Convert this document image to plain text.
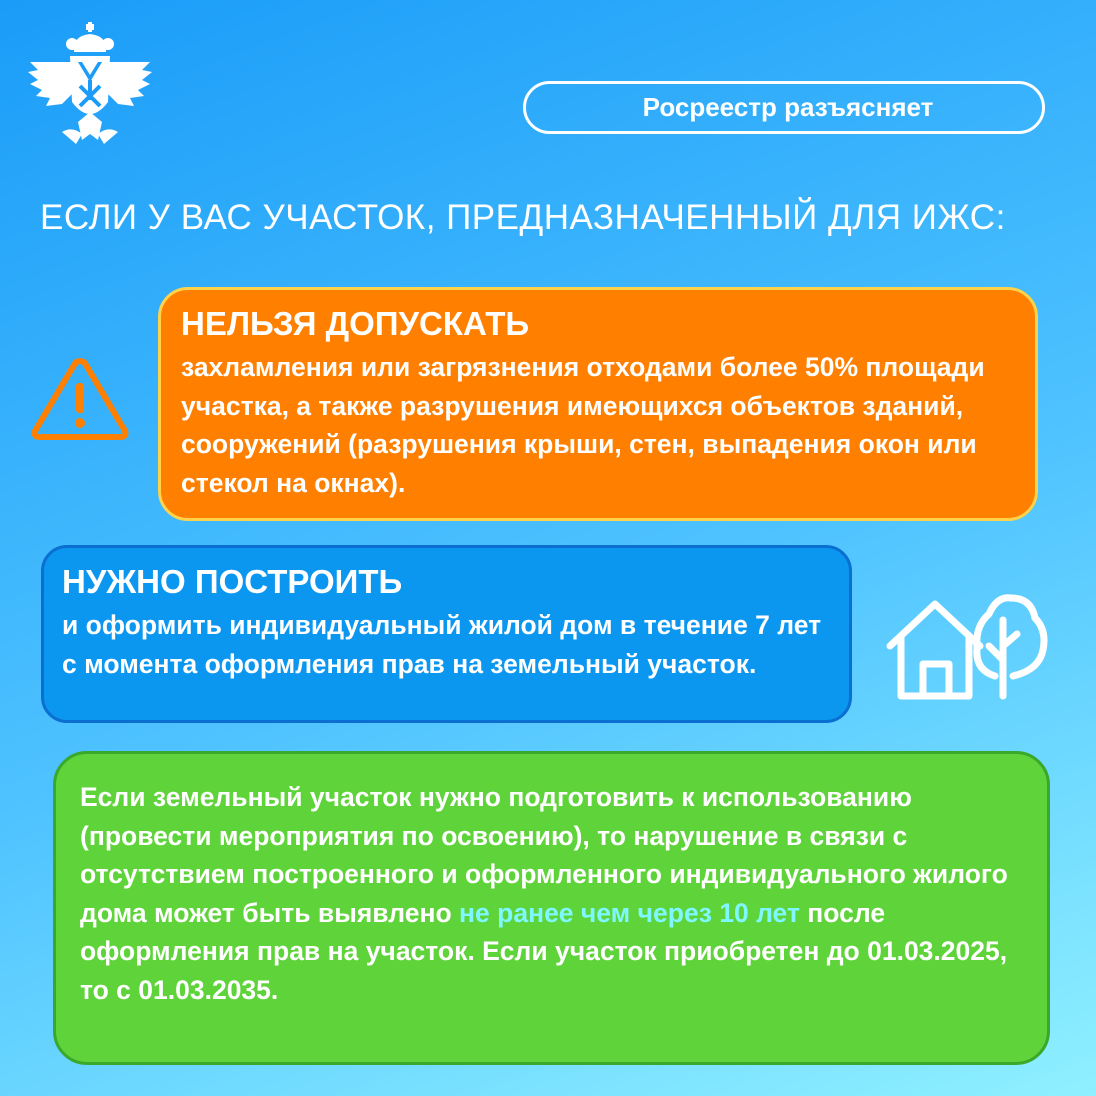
Росреестр разъясняет
ЕСЛИ У ВАС УЧАСТОК, ПРЕДНАЗНАЧЕННЫЙ ДЛЯ ИЖС:
НЕЛЬЗЯ ДОПУСКАТЬ
захламления или загрязнения отходами более 50% площади участка, а также разрушения имеющихся объектов зданий, сооружений (разрушения крыши, стен, выпадения окон или стекол на окнах).
НУЖНО ПОСТРОИТЬ
и оформить индивидуальный жилой дом в течение 7 лет с момента оформления прав на земельный участок.
Если земельный участок нужно подготовить к использованию (провести мероприятия по освоению), то нарушение в связи с отсутствием построенного и оформленного индивидуального жилого дома может быть выявлено не ранее чем через 10 лет после оформления прав на участок. Если участок приобретен до 01.03.2025, то с 01.03.2035.
